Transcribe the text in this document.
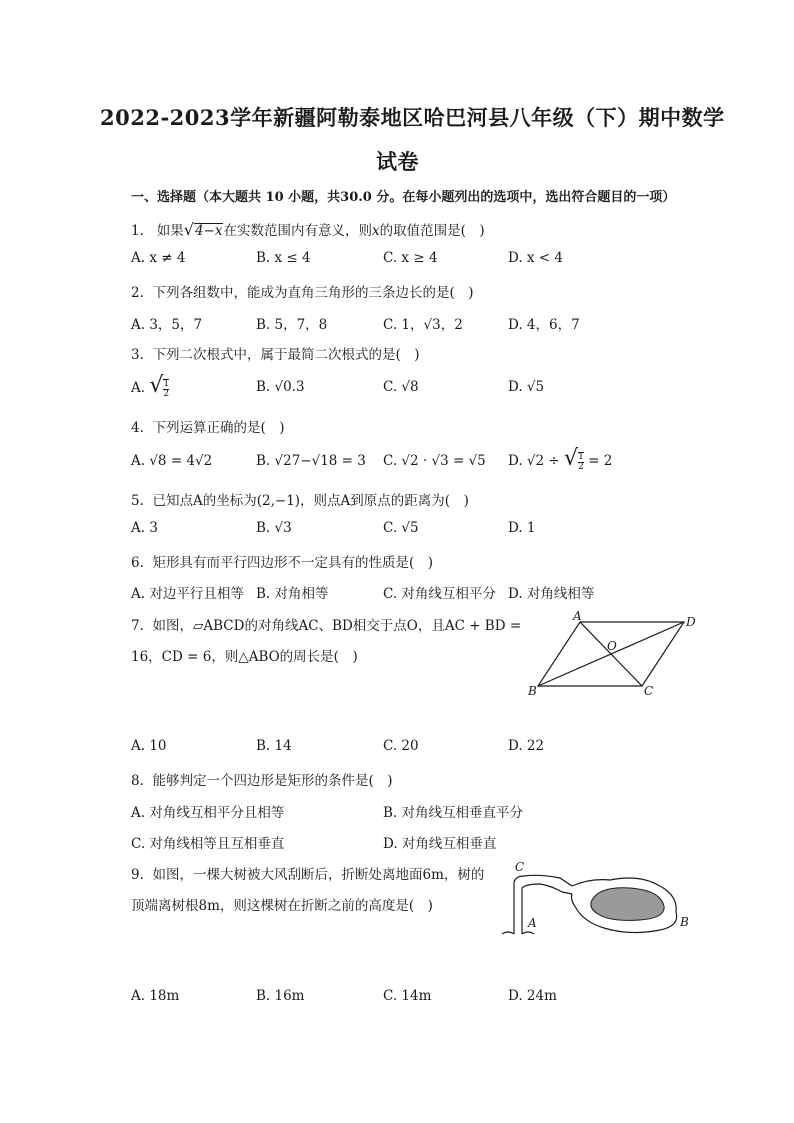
2022-2023学年新疆阿勒泰地区哈巴河县八年级（下）期中数学
试卷
一、选择题（本大题共 10 小题，共30.0 分。在每小题列出的选项中，选出符合题目的一项）
1. 如果√4−x在实数范围内有意义，则x的取值范围是(　)
A. x ≠ 4	B. x ≤ 4	C. x ≥ 4	D. x < 4
2. 下列各组数中，能成为直角三角形的三条边长的是(　)
A. 3，5，7	B. 5，7，8	C. 1，√3，2	D. 4，6，7
3. 下列二次根式中，属于最简二次根式的是(　)
A. √ $\frac{1}{2}$	B. √0.3	C. √8	D. √5
4. 下列运算正确的是(　)
A. √8 = 4√2	B. √27−√18 = 3 C. √2 · √3 = √5 D. √2 ÷ √ $\frac{1}{2} = 2$
5. 已知点A的坐标为(2,−1)，则点A到原点的距离为(　)
A. 3	B. √3	C. √5	D. 1
6. 矩形具有而平行四边形不一定具有的性质是(　)
A. 对边平行且相等 B. 对角相等	C. 对角线互相平分 D. 对角线相等
7. 如图，▱ABCD的对角线AC、BD相交于点O，且AC + BD =
16，CD = 6，则△ABO的周长是(　)
A	D
O
B	C
A. 10	B. 14	C. 20	D. 22
8. 能够判定一个四边形是矩形的条件是(　)
A. 对角线互相平分且相等	B. 对角线互相垂直平分
C. 对角线相等且互相垂直	D. 对角线互相垂直
9. 如图，一棵大树被大风刮断后，折断处离地面6m，树的
顶端离树根8m，则这棵树在折断之前的高度是(　)
C
A	B
A. 18m	B. 16m	C. 14m	D. 24m
